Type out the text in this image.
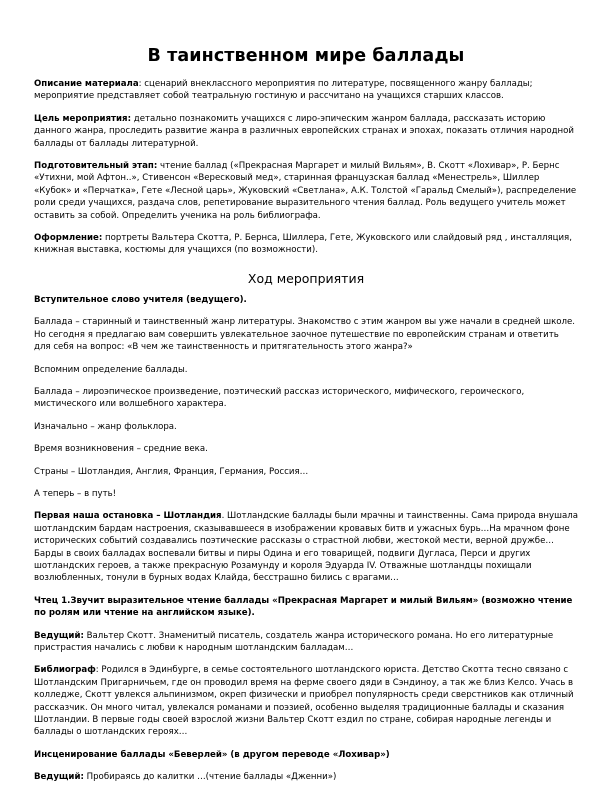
В таинственном мире баллады

Описание материала: сценарий внеклассного мероприятия по литературе, посвященного жанру баллады; мероприятие представляет собой театральную гостиную и рассчитано на учащихся старших классов.

Цель мероприятия: детально познакомить учащихся с лиро-эпическим жанром баллада, рассказать историю данного жанра, проследить развитие жанра в различных европейских странах и эпохах, показать отличия народной баллады от баллады литературной.

Подготовительный этап: чтение баллад («Прекрасная Маргарет и милый Вильям», В. Скотт «Лохивар», Р. Бернс «Утихни, мой Афтон..», Стивенсон «Вересковый мед», старинная французская баллад «Менестрель», Шиллер «Кубок» и «Перчатка», Гете «Лесной царь», Жуковский «Светлана», А.К. Толстой «Гаральд Смелый»), распределение роли среди учащихся, раздача слов, репетирование выразительного чтения баллад. Роль ведущего учитель может оставить за собой. Определить ученика на роль библиографа.

Оформление: портреты Вальтера Скотта, Р. Бернса, Шиллера, Гете, Жуковского или слайдовый ряд , инсталляция, книжная выставка, костюмы для учащихся (по возможности).

Ход мероприятия

Вступительное слово учителя (ведущего).

Баллада – старинный и таинственный жанр литературы. Знакомство с этим жанром вы уже начали в средней школе. Но сегодня я предлагаю вам совершить увлекательное заочное путешествие по европейским странам и ответить для себя на вопрос: «В чем же таинственность и притягательность этого жанра?»

Вспомним определение баллады.

Баллада – лироэпическое произведение, поэтический рассказ исторического, мифического, героического, мистического или волшебного характера.

Изначально – жанр фольклора.

Время возникновения – средние века.

Страны – Шотландия, Англия, Франция, Германия, Россия…

А теперь – в путь!

Первая наша остановка – Шотландия. Шотландские баллады были мрачны и таинственны. Сама природа внушала шотландским бардам настроения, сказывавшееся в изображении кровавых битв и ужасных бурь…На мрачном фоне исторических событий создавались поэтические рассказы о страстной любви, жестокой мести, верной дружбе… Барды в своих балладах воспевали битвы и пиры Одина и его товарищей, подвиги Дугласа, Перси и других шотландских героев, а также прекрасную Розамунду и короля Эдуарда IV. Отважные шотландцы похищали возлюбленных, тонули в бурных водах Клайда, бесстрашно бились с врагами…

Чтец 1.Звучит выразительное чтение баллады «Прекрасная Маргарет и милый Вильям» (возможно чтение по ролям или чтение на английском языке).

Ведущий: Вальтер Скотт. Знаменитый писатель, создатель жанра исторического романа. Но его литературные пристрастия начались с любви к народным шотландским балладам…

Библиограф: Родился в Эдинбурге, в семье состоятельного шотландского юриста. Детство Скотта тесно связано с Шотландским Пригарничьем, где он проводил время на ферме своего дяди в Сэндиноу, а так же близ Келсо. Учась в колледже, Скотт увлекся альпинизмом, окреп физически и приобрел популярность среди сверстников как отличный рассказчик. Он много читал, увлекался романами и поэзией, особенно выделяя традиционные баллады и сказания Шотландии. В первые годы своей взрослой жизни Вальтер Скотт ездил по стране, собирая народные легенды и баллады о шотландских героях…

Инсценирование баллады «Беверлей» (в другом переводе «Лохивар»)

Ведущий: Пробираясь до калитки …(чтение баллады «Дженни»)
